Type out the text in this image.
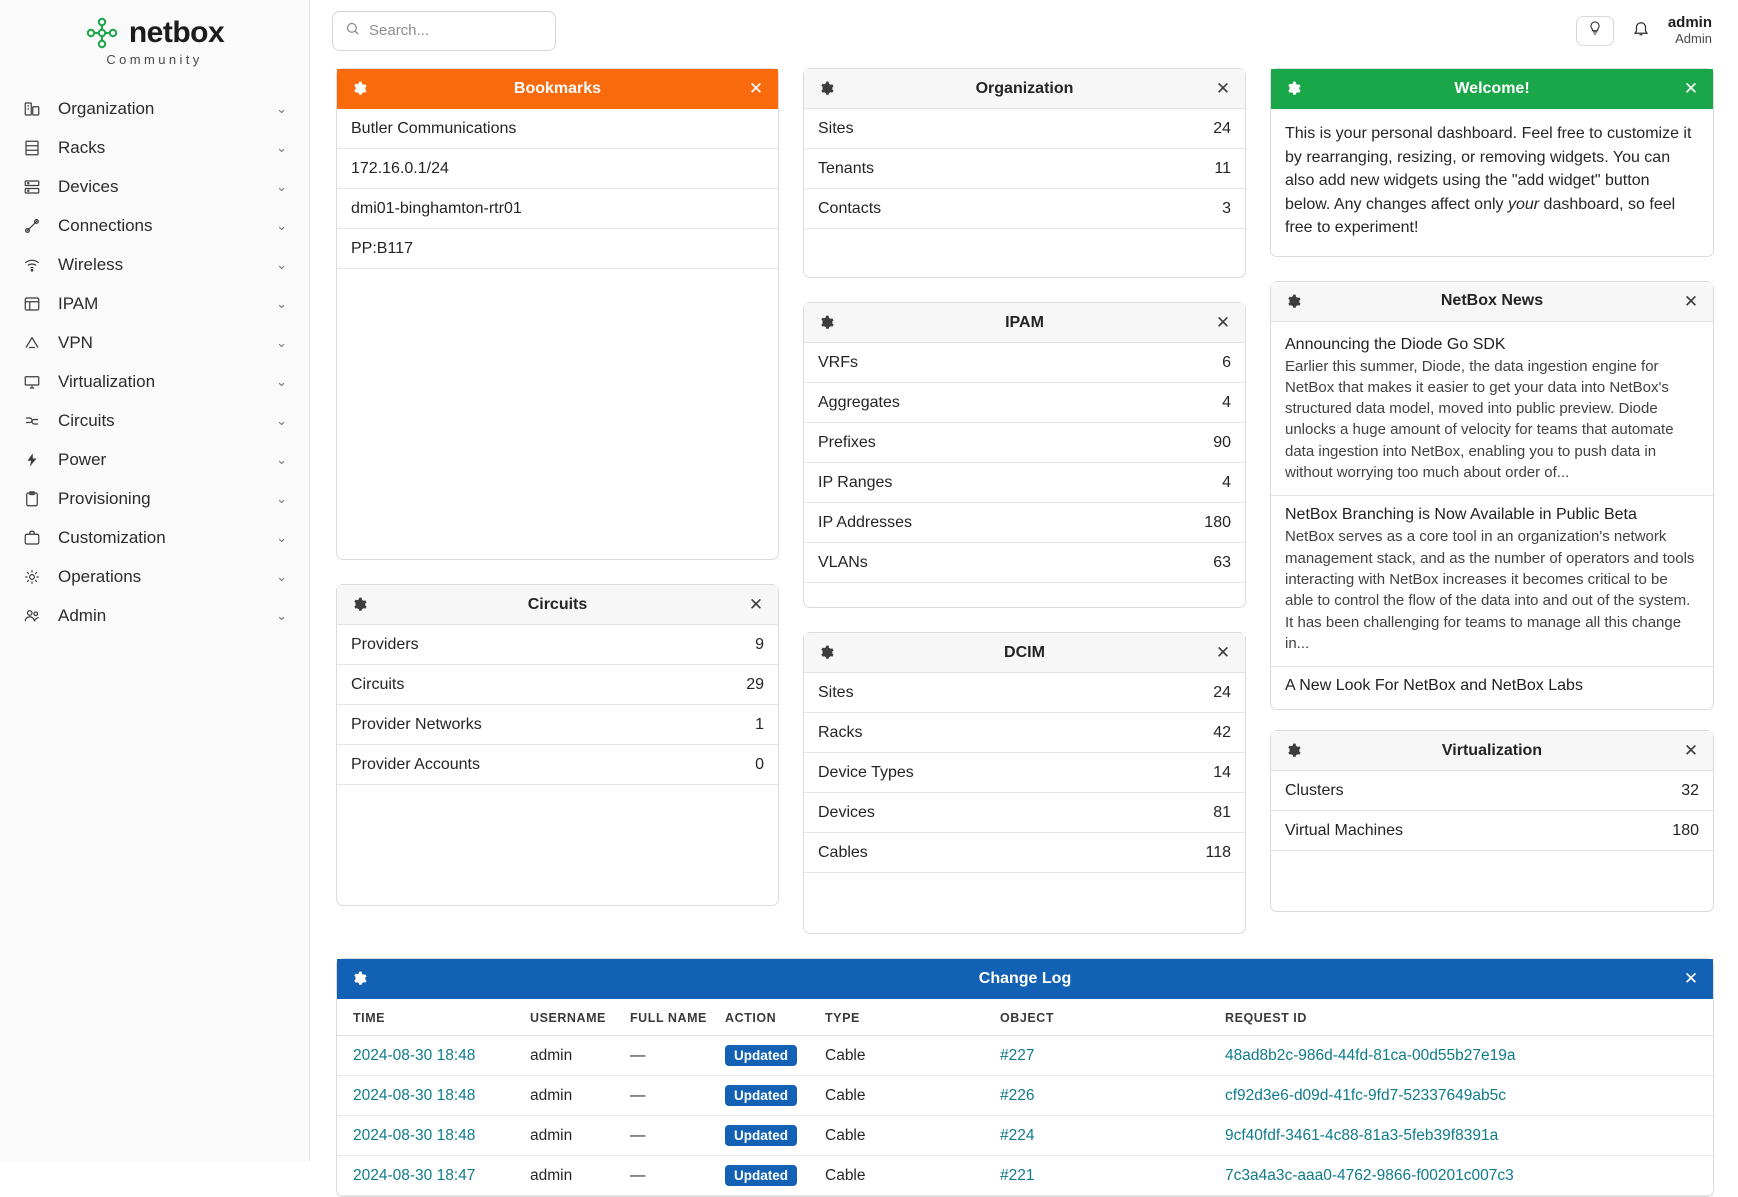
netbox
Community
Organization	⌄
Racks	⌄
Devices	⌄
Connections	⌄
Wireless	⌄
IPAM	⌄
VPN	⌄
Virtualization	⌄
Circuits	⌄
Power	⌄
Provisioning	⌄
Customization	⌄
Operations	⌄
Admin	⌄
Search...
admin
Admin
Bookmarks	✕
Butler Communications
172.16.0.1/24
dmi01-binghamton-rtr01
PP:B117
Circuits	✕
Providers	9
Circuits	29
Provider Networks	1
Provider Accounts	0
Organization	✕
Sites	24
Tenants	11
Contacts	3
IPAM	✕
VRFs	6
Aggregates	4
Prefixes	90
IP Ranges	4
IP Addresses	180
VLANs	63
DCIM	✕
Sites	24
Racks	42
Device Types	14
Devices	81
Cables	118
Welcome!	✕
This is your personal dashboard. Feel free to customize it by rearranging, resizing, or removing widgets. You can also add new widgets using the "add widget" button below. Any changes affect only your dashboard, so feel free to experiment!
NetBox News	✕
Announcing the Diode Go SDK
Earlier this summer, Diode, the data ingestion engine for NetBox that makes it easier to get your data into NetBox's structured data model, moved into public preview. Diode unlocks a huge amount of velocity for teams that automate data ingestion into NetBox, enabling you to push data in without worrying too much about order of...
NetBox Branching is Now Available in Public Beta
NetBox serves as a core tool in an organization's network management stack, and as the number of operators and tools interacting with NetBox increases it becomes critical to be able to control the flow of the data into and out of the system. It has been challenging for teams to manage all this change in...
A New Look For NetBox and NetBox Labs
Virtualization	✕
Clusters	32
Virtual Machines	180
Change Log	✕
TIME	USERNAME	FULL NAME	ACTION	TYPE	OBJECT	REQUEST ID
2024-08-30 18:48	admin	—	Updated	Cable	#227	48ad8b2c-986d-44fd-81ca-00d55b27e19a
2024-08-30 18:48	admin	—	Updated	Cable	#226	cf92d3e6-d09d-41fc-9fd7-52337649ab5c
2024-08-30 18:48	admin	—	Updated	Cable	#224	9cf40fdf-3461-4c88-81a3-5feb39f8391a
2024-08-30 18:47	admin	—	Updated	Cable	#221	7c3a4a3c-aaa0-4762-9866-f00201c007c3
